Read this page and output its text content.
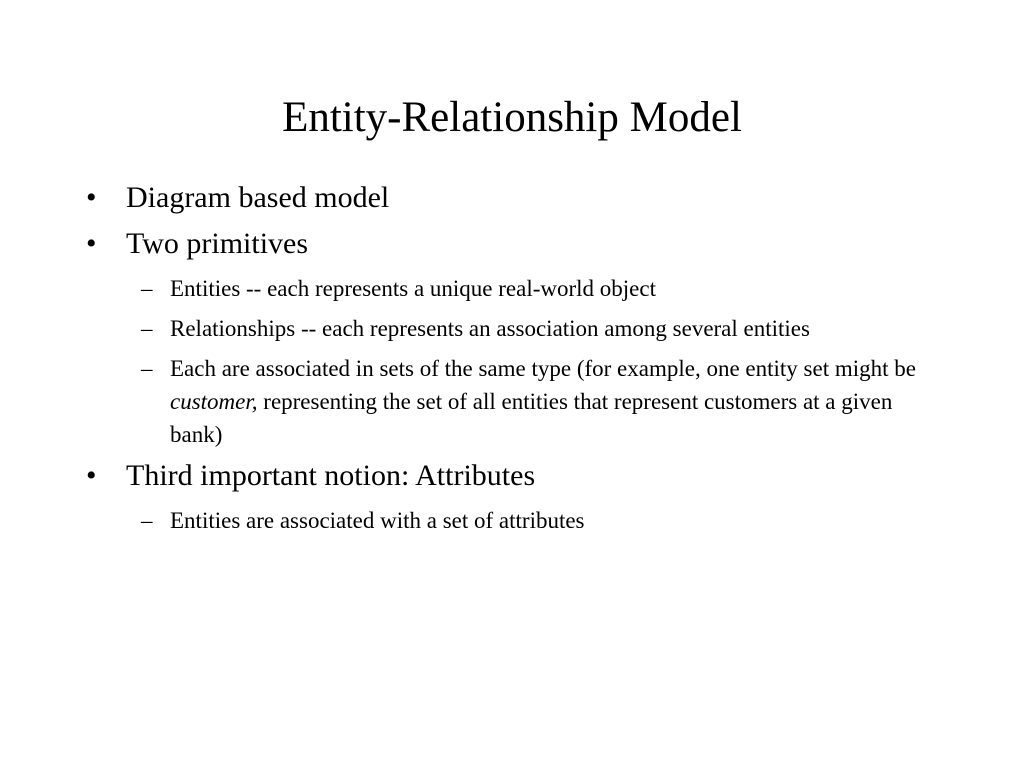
Entity-Relationship Model
• Diagram based model
• Two primitives
– Entities -- each represents a unique real-world object
– Relationships -- each represents an association among several entities
– Each are associated in sets of the same type (for example, one entity set might be customer, representing the set of all entities that represent customers at a given bank)
• Third important notion: Attributes
– Entities are associated with a set of attributes
